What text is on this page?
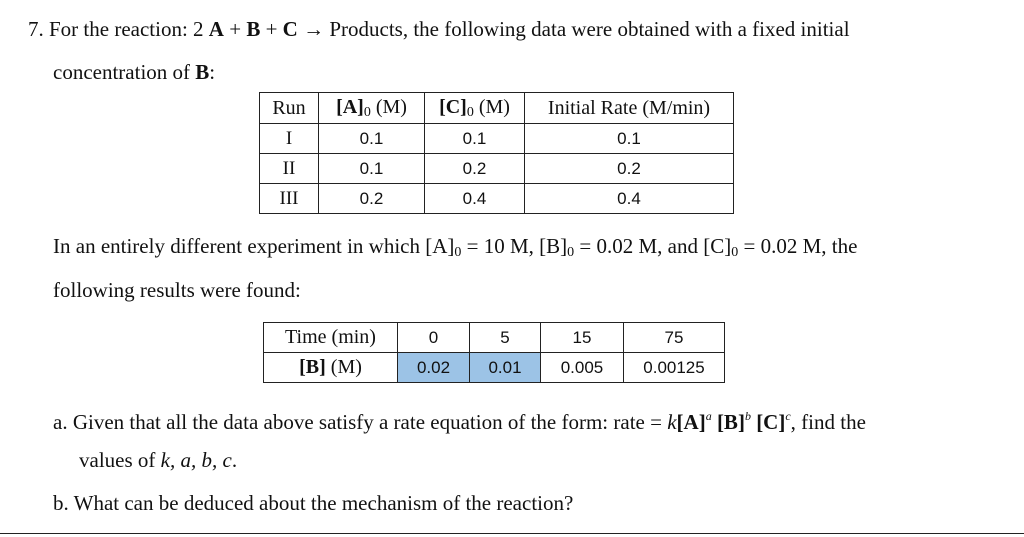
7. For the reaction: 2 A + B + C → Products, the following data were obtained with a fixed initial
concentration of B:
Run	$[A]_0$ (M)	$[C]_0$ (M)	Initial Rate (M/min)
I	0.1	0.1	0.1
II	0.1	0.2	0.2
III	0.2	0.4	0.4
In an entirely different experiment in which $[A]_0 = 10$ M, $[B]_0 = 0.02$ M, and $[C]_0 = 0.02$ M, the
following results were found:
Time (min)	0	5	15	75
[B] (M)	0.02	0.01	0.005	0.00125
a. Given that all the data above satisfy a rate equation of the form: rate = $k[A]^a$ $[B]^b$ $[C]^c$, find the
values of k, a, b, c.
b. What can be deduced about the mechanism of the reaction?
